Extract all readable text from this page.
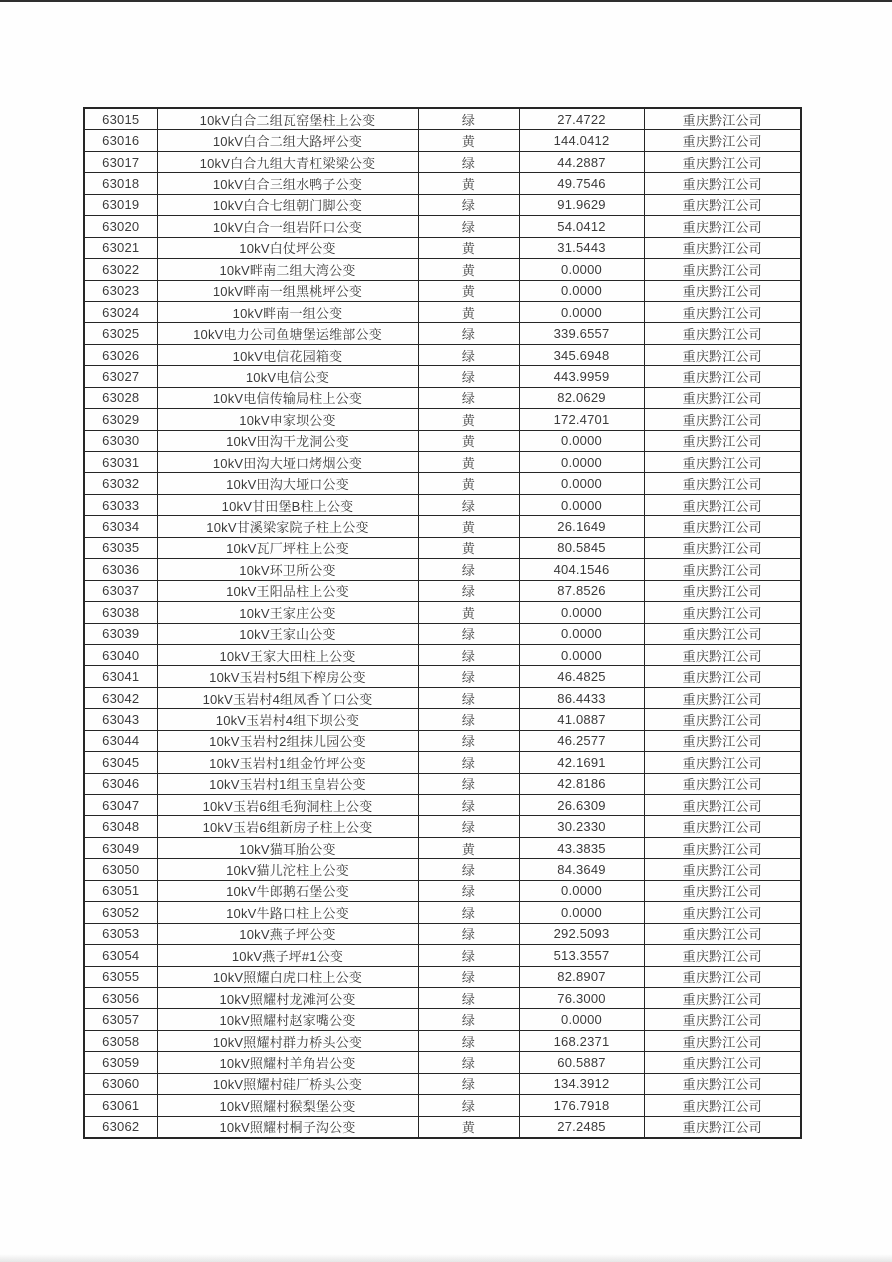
63015	10kV白合二组瓦窑堡柱上公变	绿	27.4722	重庆黔江公司
63016	10kV白合二组大路坪公变	黄	144.0412	重庆黔江公司
63017	10kV白合九组大青杠梁梁公变	绿	44.2887	重庆黔江公司
63018	10kV白合三组水鸭子公变	黄	49.7546	重庆黔江公司
63019	10kV白合七组朝门脚公变	绿	91.9629	重庆黔江公司
63020	10kV白合一组岩阡口公变	绿	54.0412	重庆黔江公司
63021	10kV白仗坪公变	黄	31.5443	重庆黔江公司
63022	10kV畔南二组大湾公变	黄	0.0000	重庆黔江公司
63023	10kV畔南一组黑桃坪公变	黄	0.0000	重庆黔江公司
63024	10kV畔南一组公变	黄	0.0000	重庆黔江公司
63025	10kV电力公司鱼塘堡运维部公变	绿	339.6557	重庆黔江公司
63026	10kV电信花园箱变	绿	345.6948	重庆黔江公司
63027	10kV电信公变	绿	443.9959	重庆黔江公司
63028	10kV电信传输局柱上公变	绿	82.0629	重庆黔江公司
63029	10kV申家坝公变	黄	172.4701	重庆黔江公司
63030	10kV田沟干龙洞公变	黄	0.0000	重庆黔江公司
63031	10kV田沟大垭口烤烟公变	黄	0.0000	重庆黔江公司
63032	10kV田沟大垭口公变	黄	0.0000	重庆黔江公司
63033	10kV甘田堡B柱上公变	绿	0.0000	重庆黔江公司
63034	10kV甘溪梁家院子柱上公变	黄	26.1649	重庆黔江公司
63035	10kV瓦厂坪柱上公变	黄	80.5845	重庆黔江公司
63036	10kV环卫所公变	绿	404.1546	重庆黔江公司
63037	10kV王阳品柱上公变	绿	87.8526	重庆黔江公司
63038	10kV王家庄公变	黄	0.0000	重庆黔江公司
63039	10kV王家山公变	绿	0.0000	重庆黔江公司
63040	10kV王家大田柱上公变	绿	0.0000	重庆黔江公司
63041	10kV玉岩村5组下榨房公变	绿	46.4825	重庆黔江公司
63042	10kV玉岩村4组凤香丫口公变	绿	86.4433	重庆黔江公司
63043	10kV玉岩村4组下坝公变	绿	41.0887	重庆黔江公司
63044	10kV玉岩村2组抹儿园公变	绿	46.2577	重庆黔江公司
63045	10kV玉岩村1组金竹坪公变	绿	42.1691	重庆黔江公司
63046	10kV玉岩村1组玉皇岩公变	绿	42.8186	重庆黔江公司
63047	10kV玉岩6组毛狗洞柱上公变	绿	26.6309	重庆黔江公司
63048	10kV玉岩6组新房子柱上公变	绿	30.2330	重庆黔江公司
63049	10kV猫耳胎公变	黄	43.3835	重庆黔江公司
63050	10kV猫儿沱柱上公变	绿	84.3649	重庆黔江公司
63051	10kV牛郎鹅石堡公变	绿	0.0000	重庆黔江公司
63052	10kV牛路口柱上公变	绿	0.0000	重庆黔江公司
63053	10kV燕子坪公变	绿	292.5093	重庆黔江公司
63054	10kV燕子坪#1公变	绿	513.3557	重庆黔江公司
63055	10kV照耀白虎口柱上公变	绿	82.8907	重庆黔江公司
63056	10kV照耀村龙滩河公变	绿	76.3000	重庆黔江公司
63057	10kV照耀村赵家嘴公变	绿	0.0000	重庆黔江公司
63058	10kV照耀村群力桥头公变	绿	168.2371	重庆黔江公司
63059	10kV照耀村羊角岩公变	绿	60.5887	重庆黔江公司
63060	10kV照耀村硅厂桥头公变	绿	134.3912	重庆黔江公司
63061	10kV照耀村猴梨堡公变	绿	176.7918	重庆黔江公司
63062	10kV照耀村桐子沟公变	黄	27.2485	重庆黔江公司
